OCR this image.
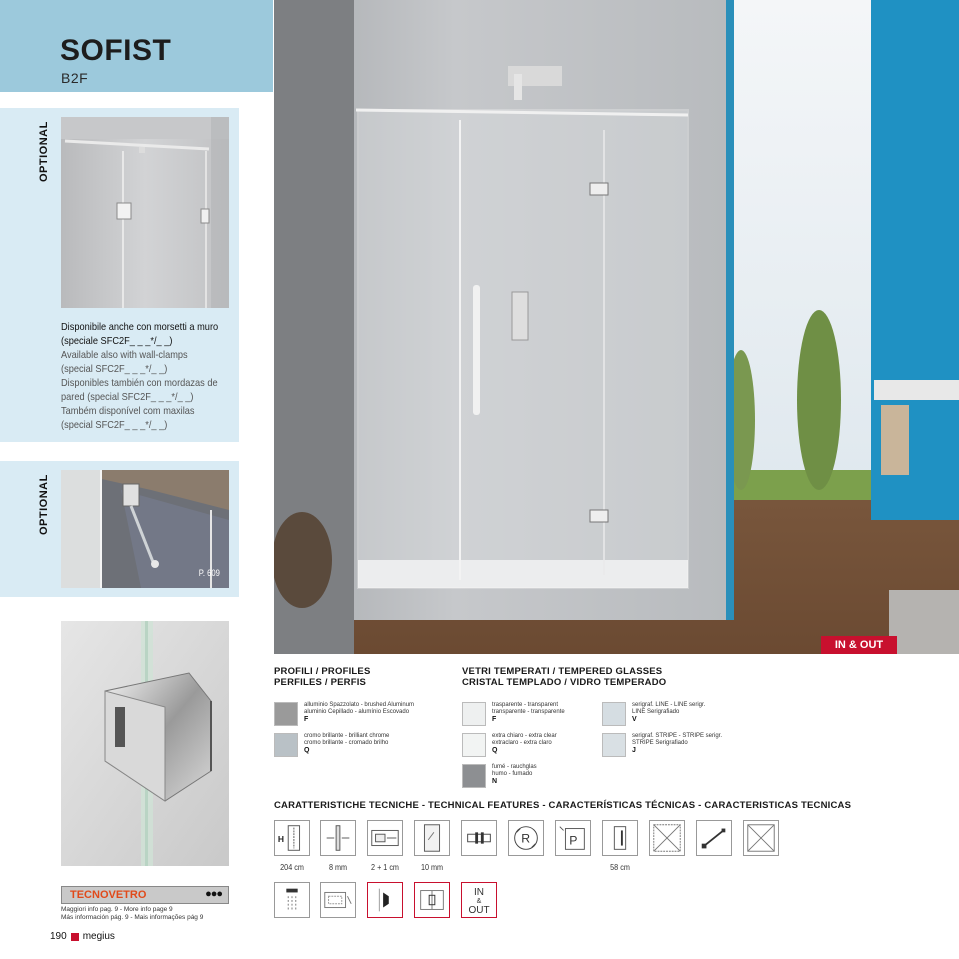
SOFIST
B2F
OPTIONAL
Disponibile anche con morsetti a muro
(speciale SFC2F_ _ _*/_ _)
Available also with wall-clamps
(special SFC2F_ _ _*/_ _)
Disponibles también con mordazas de
pared (special SFC2F_ _ _*/_ _)
Também disponível com maxilas
(special SFC2F_ _ _*/_ _)
OPTIONAL
P. 609
TECNOVETRO	●●●
Maggiori info pag. 9 - More info page 9
Más información pág. 9 - Mais informações pág 9
190 megius
IN & OUT
PROFILI / PROFILES
PERFILES / PERFIS
alluminio Spazzolato - brushed Aluminum
aluminio Cepillado - alumínio Escovado
F
cromo brillante - brilliant chrome
cromo brillante - cromado brilho
Q
VETRI TEMPERATI / TEMPERED GLASSES
CRISTAL TEMPLADO / VIDRO TEMPERADO
trasparente - transparent
transparente - transparente
F
extra chiaro - extra clear
extraclaro - extra claro
Q
fumé - rauchglas
humo - fumado
N
serigraf. LINE - LINE serigr.
LINE Serigrafiado
V
serigraf. STRIPE - STRIPE serigr.
STRIPE Serigrafiado
J
CARATTERISTICHE TECNICHE - TECHNICAL FEATURES - CARACTERÍSTICAS TÉCNICAS - CARACTERISTICAS TECNICAS
H	R	P
204 cm	8 mm	2 + 1 cm	10 mm	58 cm
IN
&
OUT
